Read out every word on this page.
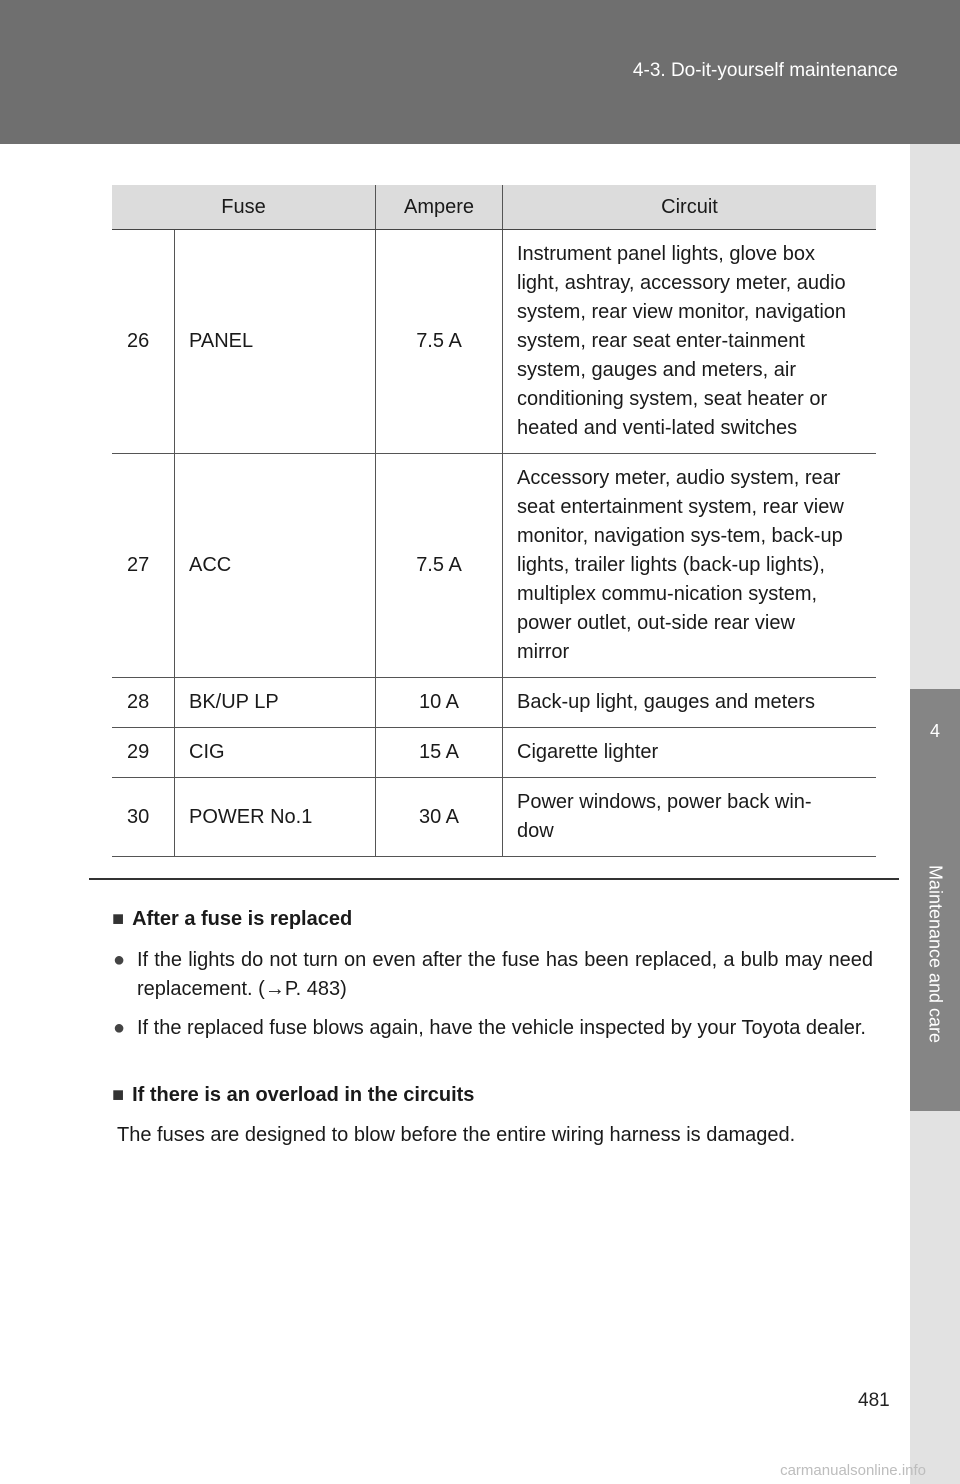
4-3. Do-it-yourself maintenance
4
Maintenance and care
Fuse		Ampere	Circuit
26	PANEL	7.5 A	Instrument panel lights, glove box light, ashtray, accessory meter, audio system, rear view monitor, navigation system, rear seat enter-tainment system, gauges and meters, air conditioning system, seat heater or heated and venti-lated switches
27	ACC	7.5 A	Accessory meter, audio system, rear seat entertainment system, rear view monitor, navigation sys-tem, back-up lights, trailer lights (back-up lights), multiplex commu-nication system, power outlet, out-side rear view mirror
28	BK/UP LP	10 A	Back-up light, gauges and meters
29	CIG	15 A	Cigarette lighter
30	POWER No.1	30 A	Power windows, power back win-dow
■ After a fuse is replaced
● If the lights do not turn on even after the fuse has been replaced, a bulb may need replacement. (→P. 483)
● If the replaced fuse blows again, have the vehicle inspected by your Toyota dealer.
■ If there is an overload in the circuits
The fuses are designed to blow before the entire wiring harness is damaged.
481
carmanualsonline.info
